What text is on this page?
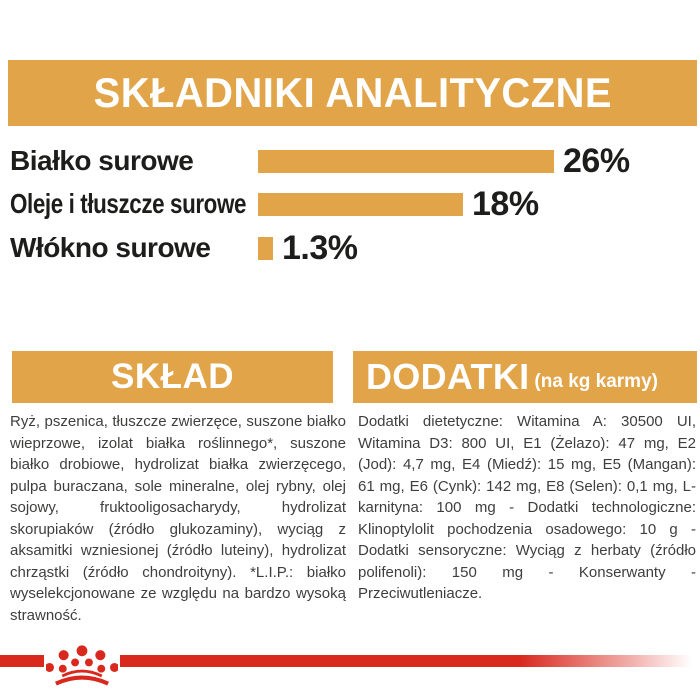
SKŁADNIKI ANALITYCZNE
Białko surowe	26%
Oleje i tłuszcze surowe	18%
Włókno surowe	1.3%
SKŁAD	DODATKI (na kg karmy)
Ryż, pszenica, tłuszcze zwierzęce, suszone białko wieprzowe, izolat białka roślinnego*, suszone białko drobiowe, hydrolizat białka zwierzęcego, pulpa buraczana, sole mineralne, olej rybny, olej sojowy, fruktooligosacharydy, hydrolizat skorupiaków (źródło glukozaminy), wyciąg z aksamitki wzniesionej (źródło luteiny), hydrolizat chrząstki (źródło chondroityny). *L.I.P.: białko wyselekcjonowane ze względu na bardzo wysoką strawność.
Dodatki dietetyczne: Witamina A: 30500 UI, Witamina D3: 800 UI, E1 (Żelazo): 47 mg, E2 (Jod): 4,7 mg, E4 (Miedź): 15 mg, E5 (Mangan): 61 mg, E6 (Cynk): 142 mg, E8 (Selen): 0,1 mg, L-karnityna: 100 mg - Dodatki technologiczne: Klinoptylolit pochodzenia osadowego: 10 g - Dodatki sensoryczne: Wyciąg z herbaty (źródło polifenoli): 150 mg - Konserwanty - Przeciwutleniacze.
